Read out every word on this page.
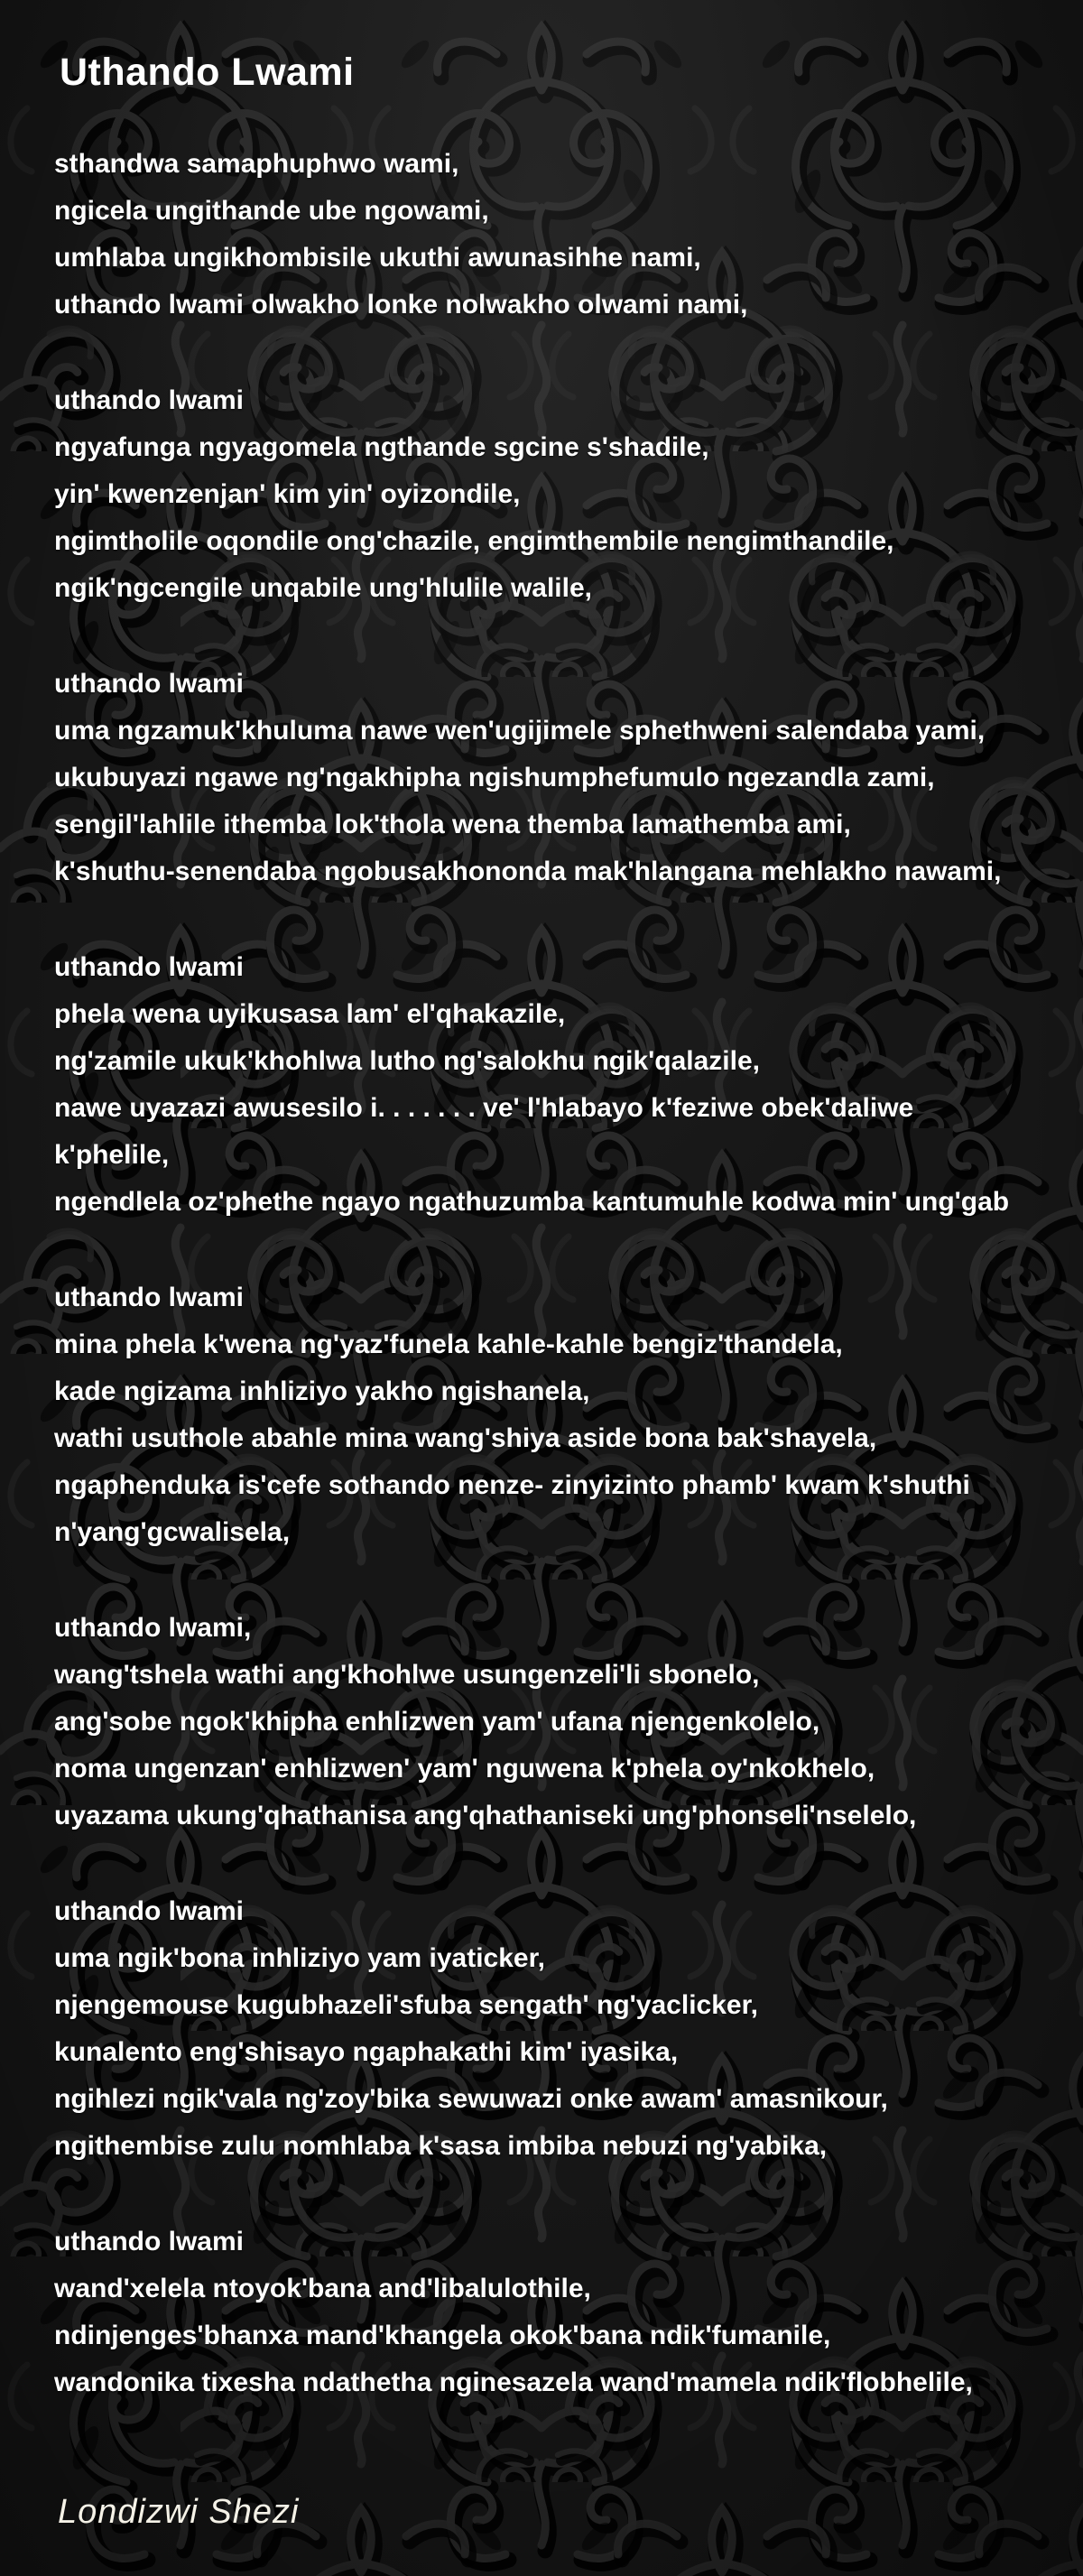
Uthando Lwami
sthandwa samaphuphwo wami,
ngicela ungithande ube ngowami,
umhlaba ungikhombisile ukuthi awunasihhe nami,
uthando lwami olwakho lonke nolwakho olwami nami,
uthando lwami
ngyafunga ngyagomela ngthande sgcine s'shadile,
yin' kwenzenjan' kim yin' oyizondile,
ngimtholile oqondile ong'chazile, engimthembile nengimthandile,
ngik'ngcengile unqabile ung'hlulile walile,
uthando lwami
uma ngzamuk'khuluma nawe wen'ugijimele sphethweni salendaba yami,
ukubuyazi ngawe ng'ngakhipha ngishumphefumulo ngezandla zami,
sengil'lahlile ithemba lok'thola wena themba lamathemba ami,
k'shuthu-senendaba ngobusakhononda mak'hlangana mehlakho nawami,
uthando lwami
phela wena uyikusasa lam' el'qhakazile,
ng'zamile ukuk'khohlwa lutho ng'salokhu ngik'qalazile,
nawe uyazazi awusesilo i. . . . . . . ve' l'hlabayo k'feziwe obek'daliwe
k'phelile,
ngendlela oz'phethe ngayo ngathuzumba kantumuhle kodwa min' ung'gab
uthando lwami
mina phela k'wena ng'yaz'funela kahle-kahle bengiz'thandela,
kade ngizama inhliziyo yakho ngishanela,
wathi usuthole abahle mina wang'shiya aside bona bak'shayela,
ngaphenduka is'cefe sothando nenze- zinyizinto phamb' kwam k'shuthi
n'yang'gcwalisela,
uthando lwami,
wang'tshela wathi ang'khohlwe usungenzeli'li sbonelo,
ang'sobe ngok'khipha enhlizwen yam' ufana njengenkolelo,
noma ungenzan' enhlizwen' yam' nguwena k'phela oy'nkokhelo,
uyazama ukung'qhathanisa ang'qhathaniseki ung'phonseli'nselelo,
uthando lwami
uma ngik'bona inhliziyo yam iyaticker,
njengemouse kugubhazeli'sfuba sengath' ng'yaclicker,
kunalento eng'shisayo ngaphakathi kim' iyasika,
ngihlezi ngik'vala ng'zoy'bika sewuwazi onke awam' amasnikour,
ngithembise zulu nomhlaba k'sasa imbiba nebuzi ng'yabika,
uthando lwami
wand'xelela ntoyok'bana and'libalulothile,
ndinjenges'bhanxa mand'khangela okok'bana ndik'fumanile,
wandonika tixesha ndathetha nginesazela wand'mamela ndik'flobhelile,
Londizwi Shezi
